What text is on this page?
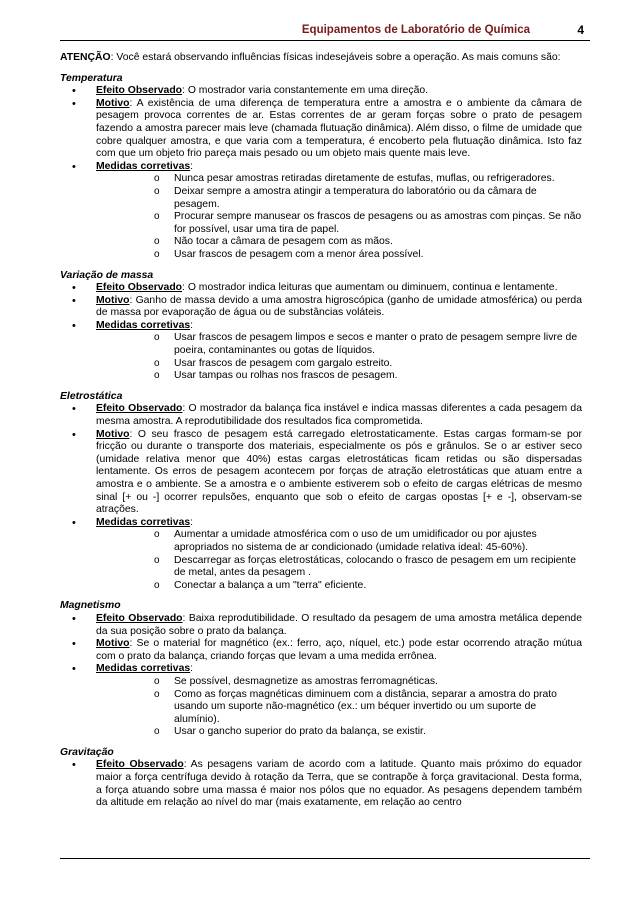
Equipamentos de Laboratório de Química	4

ATENÇÃO: Você estará observando influências físicas indesejáveis sobre a operação. As mais comuns são:

Temperatura

• Efeito Observado: O mostrador varia constantemente em uma direção.
• Motivo: A existência de uma diferença de temperatura entre a amostra e o ambiente da câmara de pesagem provoca correntes de ar. Estas correntes de ar geram forças sobre o prato de pesagem fazendo a amostra parecer mais leve (chamada flutuação dinâmica). Além disso, o filme de umidade que cobre qualquer amostra, e que varia com a temperatura, é encoberto pela flutuação dinâmica. Isto faz com que um objeto frio pareça mais pesado ou um objeto mais quente mais leve.
• Medidas corretivas:
o Nunca pesar amostras retiradas diretamente de estufas, muflas, ou refrigeradores.
o Deixar sempre a amostra atingir a temperatura do laboratório ou da câmara de pesagem.
o Procurar sempre manusear os frascos de pesagens ou as amostras com pinças. Se não for possível, usar uma tira de papel.
o Não tocar a câmara de pesagem com as mãos.
o Usar frascos de pesagem com a menor área possível.

Variação de massa

• Efeito Observado: O mostrador indica leituras que aumentam ou diminuem, continua e lentamente.
• Motivo: Ganho de massa devido a uma amostra higroscópica (ganho de umidade atmosférica) ou perda de massa por evaporação de água ou de substâncias voláteis.
• Medidas corretivas:
o Usar frascos de pesagem limpos e secos e manter o prato de pesagem sempre livre de poeira, contaminantes ou gotas de líquidos.
o Usar frascos de pesagem com gargalo estreito.
o Usar tampas ou rolhas nos frascos de pesagem.

Eletrostática

• Efeito Observado: O mostrador da balança fica instável e indica massas diferentes a cada pesagem da mesma amostra. A reprodutibilidade dos resultados fica comprometida.
• Motivo: O seu frasco de pesagem está carregado eletrostaticamente. Estas cargas formam-se por fricção ou durante o transporte dos materiais, especialmente os pós e grânulos. Se o ar estiver seco (umidade relativa menor que 40%) estas cargas eletrostáticas ficam retidas ou são dispersadas lentamente. Os erros de pesagem acontecem por forças de atração eletrostáticas que atuam entre a amostra e o ambiente. Se a amostra e o ambiente estiverem sob o efeito de cargas elétricas de mesmo sinal [+ ou -] ocorrer repulsões, enquanto que sob o efeito de cargas opostas [+ e -], observam-se atrações.
• Medidas corretivas:
o Aumentar a umidade atmosférica com o uso de um umidificador ou por ajustes apropriados no sistema de ar condicionado (umidade relativa ideal: 45-60%).
o Descarregar as forças eletrostáticas, colocando o frasco de pesagem em um recipiente de metal, antes da pesagem .
o Conectar a balança a um "terra" eficiente.

Magnetismo

• Efeito Observado: Baixa reprodutibilidade. O resultado da pesagem de uma amostra metálica depende da sua posição sobre o prato da balança.
• Motivo: Se o material for magnético (ex.: ferro, aço, níquel, etc.) pode estar ocorrendo atração mútua com o prato da balança, criando forças que levam a uma medida errônea.
• Medidas corretivas:
o Se possível, desmagnetize as amostras ferromagnéticas.
o Como as forças magnéticas diminuem com a distância, separar a amostra do prato usando um suporte não-magnético (ex.: um béquer invertido ou um suporte de alumínio).
o Usar o gancho superior do prato da balança, se existir.

Gravitação

• Efeito Observado: As pesagens variam de acordo com a latitude. Quanto mais próximo do equador maior a força centrífuga devido à rotação da Terra, que se contrapõe à força gravitacional. Desta forma, a força atuando sobre uma massa é maior nos pólos que no equador. As pesagens dependem também da altitude em relação ao nível do mar (mais exatamente, em relação ao centro
